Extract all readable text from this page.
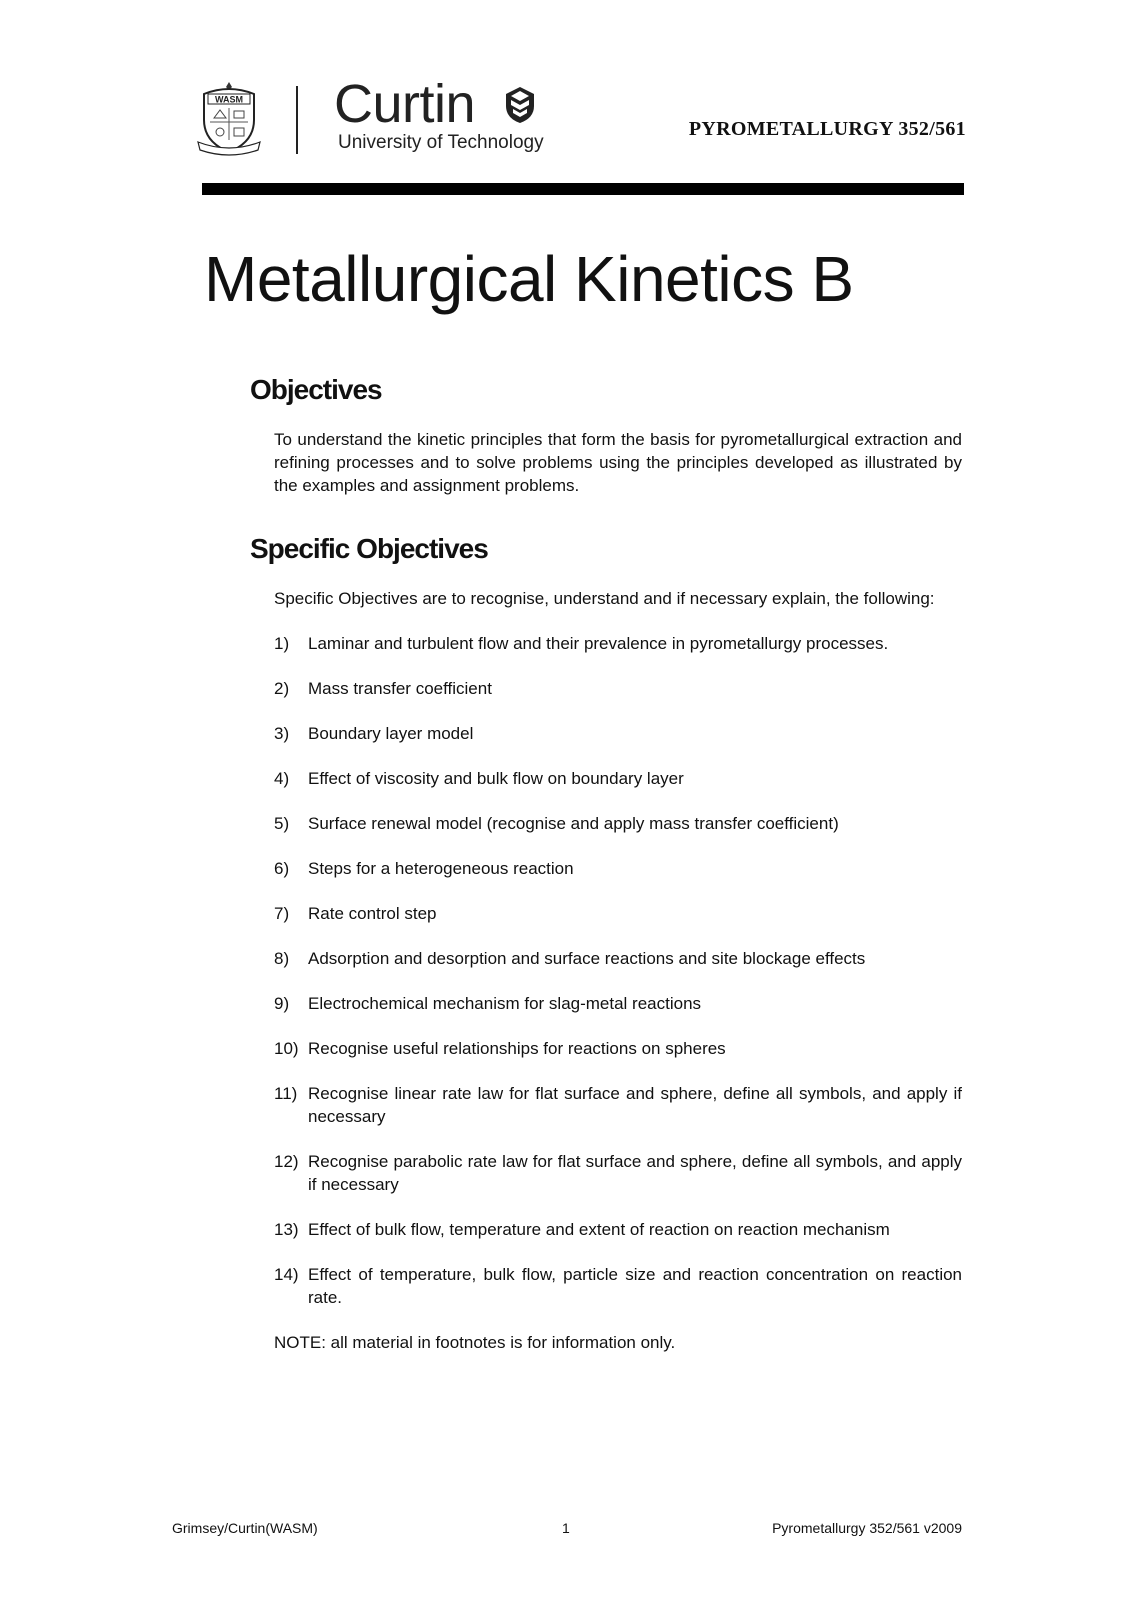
WASM Curtin
University of Technology
PYROMETALLURGY 352/561
Metallurgical Kinetics B
Objectives

To understand the kinetic principles that form the basis for pyrometallurgical extraction and refining processes and to solve problems using the principles developed as illustrated by the examples and assignment problems.

Specific Objectives

Specific Objectives are to recognise, understand and if necessary explain, the following:

1)	Laminar and turbulent flow and their prevalence in pyrometallurgy processes.
2)	Mass transfer coefficient
3)	Boundary layer model
4)	Effect of viscosity and bulk flow on boundary layer
5)	Surface renewal model (recognise and apply mass transfer coefficient)
6)	Steps for a heterogeneous reaction
7)	Rate control step
8)	Adsorption and desorption and surface reactions and site blockage effects
9)	Electrochemical mechanism for slag-metal reactions
10) Recognise useful relationships for reactions on spheres
11) Recognise linear rate law for flat surface and sphere, define all symbols, and apply if necessary
12) Recognise parabolic rate law for flat surface and sphere, define all symbols, and apply if necessary
13) Effect of bulk flow, temperature and extent of reaction on reaction mechanism
14) Effect of temperature, bulk flow, particle size and reaction concentration on reaction rate.

NOTE: all material in footnotes is for information only.

Grimsey/Curtin(WASM)	1	Pyrometallurgy 352/561 v2009
